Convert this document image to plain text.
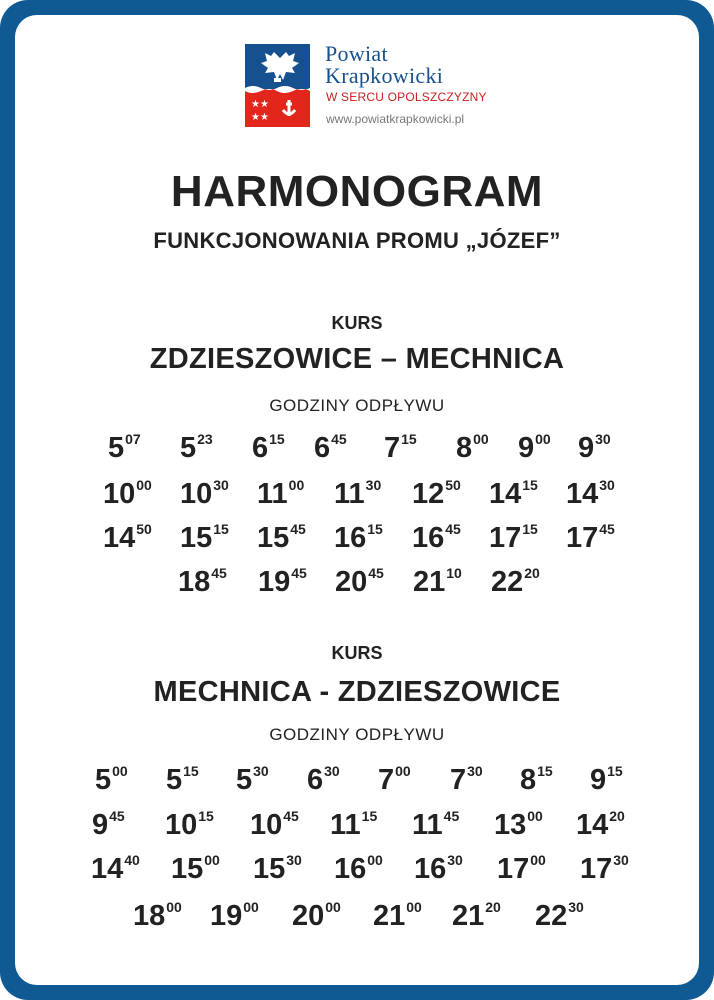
★★
★★
Powiat
Krapkowicki
W SERCU OPOLSZCZYZNY
www.powiatkrapkowicki.pl
HARMONOGRAM
FUNKCJONOWANIA PROMU „JÓZEF”
KURS
ZDZIESZOWICE – MECHNICA
GODZINY ODPŁYWU
$5^{07}$ $5^{23}$ $6^{15}$ $6^{45}$ $7^{15}$ $8^{00}$ $9^{00}$ $9^{30}$
$10^{00}$ $10^{30}$ $11^{00}$ $11^{30}$ $12^{50}$ $14^{15}$ $14^{30}$
$14^{50}$ $15^{15}$ $15^{45}$ $16^{15}$ $16^{45}$ $17^{15}$ $17^{45}$
$18^{45}$ $19^{45}$ $20^{45}$ $21^{10}$ $22^{20}$
KURS
MECHNICA - ZDZIESZOWICE
GODZINY ODPŁYWU
$5^{00}$ $5^{15}$ $5^{30}$ $6^{30}$ $7^{00}$ $7^{30}$ $8^{15}$ $9^{15}$
$9^{45}$ $10^{15}$ $10^{45}$ $11^{15}$ $11^{45}$ $13^{00}$ $14^{20}$
$14^{40}$ $15^{00}$ $15^{30}$ $16^{00}$ $16^{30}$ $17^{00}$ $17^{30}$
$18^{00}$ $19^{00}$ $20^{00}$ $21^{00}$ $21^{20}$ $22^{30}$
